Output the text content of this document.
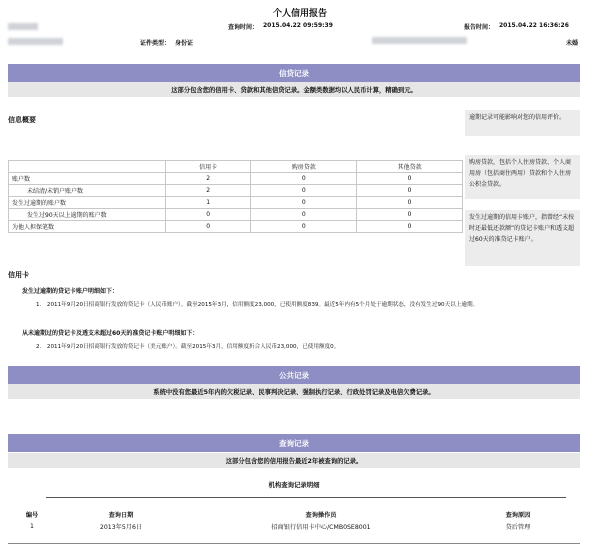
个人信用报告
查询时间： 2015.04.22 09:59:39	报告时间： 2015.04.22 16:36:26
证件类型： 身份证	未婚
信贷记录
这部分包含您的信用卡、贷款和其他信贷记录。金额类数据均以人民币计算，精确到元。
信息概要	逾期记录可能影响对您的信用评价。
购房贷款，包括个人住房贷款、个人商用房（包括商住两用）贷款和个人住房公积金贷款。
发生过逾期的信用卡账户，指曾经“未按时还最低还款额”的贷记卡账户和透支超过60天的准贷记卡账户。
	信用卡	购房贷款	其他贷款
账户数	2	0	0
未结清/未销户账户数	2	0	0
发生过逾期的账户数	1	0	0
发生过90天以上逾期的账户数	0	0	0
为他人担保笔数	0	0	0
信用卡
发生过逾期的贷记卡账户明细如下：
1.　2011年9月20日招商银行发放的贷记卡（人民币账户）。截至2015年3月，信用额度23,000，已使用额度839。最近5年内有5个月处于逾期状态，没有发生过90天以上逾期。
从未逾期过的贷记卡及透支未超过60天的准贷记卡账户明细如下：
2.　2011年9月20日招商银行发放的贷记卡（美元账户）。截至2015年3月，信用额度折合人民币23,000，已使用额度0。
公共记录
系统中没有您最近5年内的欠税记录、民事判决记录、强制执行记录、行政处罚记录及电信欠费记录。
查询记录
这部分包含您的信用报告最近2年被查询的记录。
机构查询记录明细
编号	查询日期	查询操作员	查询原因
1	2013年5月6日	招商银行信用卡中心/CMB0SE8001	贷后管理
